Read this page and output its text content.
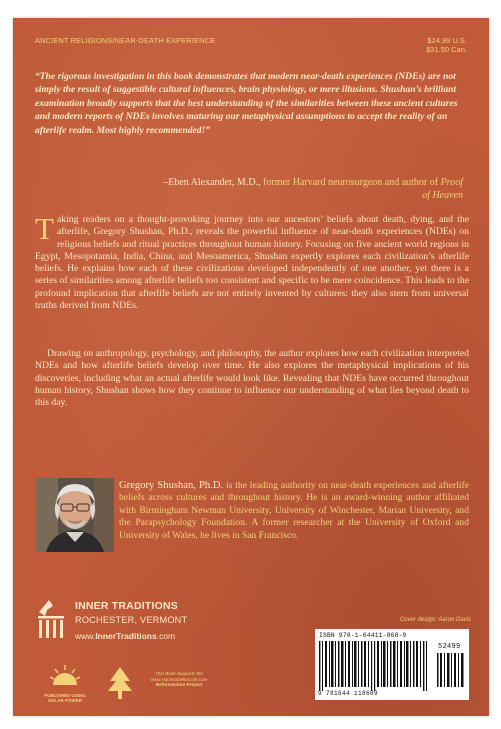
ANCIENT RELIGIONS/NEAR-DEATH EXPERIENCE	$24.99 U.S.
$31.50 Can.

“The rigorous investigation in this book demonstrates that modern near-death experiences (NDEs) are not simply the result of suggestible cultural influences, brain physiology, or mere illusions. Shushan’s brilliant examination broadly supports that the best understanding of the similarities between these ancient cultures and modern reports of NDEs involves maturing our metaphysical assumptions to accept the reality of an afterlife realm. Most highly recommended!”

–Eben Alexander, M.D., former Harvard neurosurgeon and author of Proof of Heaven

Taking readers on a thought-provoking journey into our ancestors’ beliefs about death, dying, and the afterlife, Gregory Shushan, Ph.D., reveals the powerful influence of near-death experiences (NDEs) on religious beliefs and ritual practices throughout human history. Focusing on five ancient world regions in Egypt, Mesopotamia, India, China, and Mesoamerica, Shushan expertly explores each civilization’s afterlife beliefs. He explains how each of these civilizations developed independently of one another, yet there is a series of similarities among afterlife beliefs too consistent and specific to be mere coincidence. This leads to the profound implication that afterlife beliefs are not entirely invented by cultures: they also stem from universal truths derived from NDEs.

Drawing on anthropology, psychology, and philosophy, the author explores how each civilization interpreted NDEs and how afterlife beliefs develop over time. He also explores the metaphysical implications of his discoveries, including what an actual afterlife would look like. Revealing that NDEs have occurred throughout human history, Shushan shows how they continue to influence our understanding of what lies beyond death to this day.

Gregory Shushan, Ph.D. is the leading authority on near-death experiences and afterlife beliefs across cultures and throughout history. He is an award-winning author affiliated with Birmingham Newman University, University of Winchester, Marian University, and the Parapsychology Foundation. A former researcher at the University of Oxford and University of Wales, he lives in San Francisco.

INNER TRADITIONS
ROCHESTER, VERMONT
www.InnerTraditions.com
Cover design: Aaron Davis
ISBN 978-1-64411-868-9
9 781644 118689
52499
PUBLISHED USING SOLAR POWER
This Book Supports the
www.HaciendaRioCote.com
Reforestation Project
